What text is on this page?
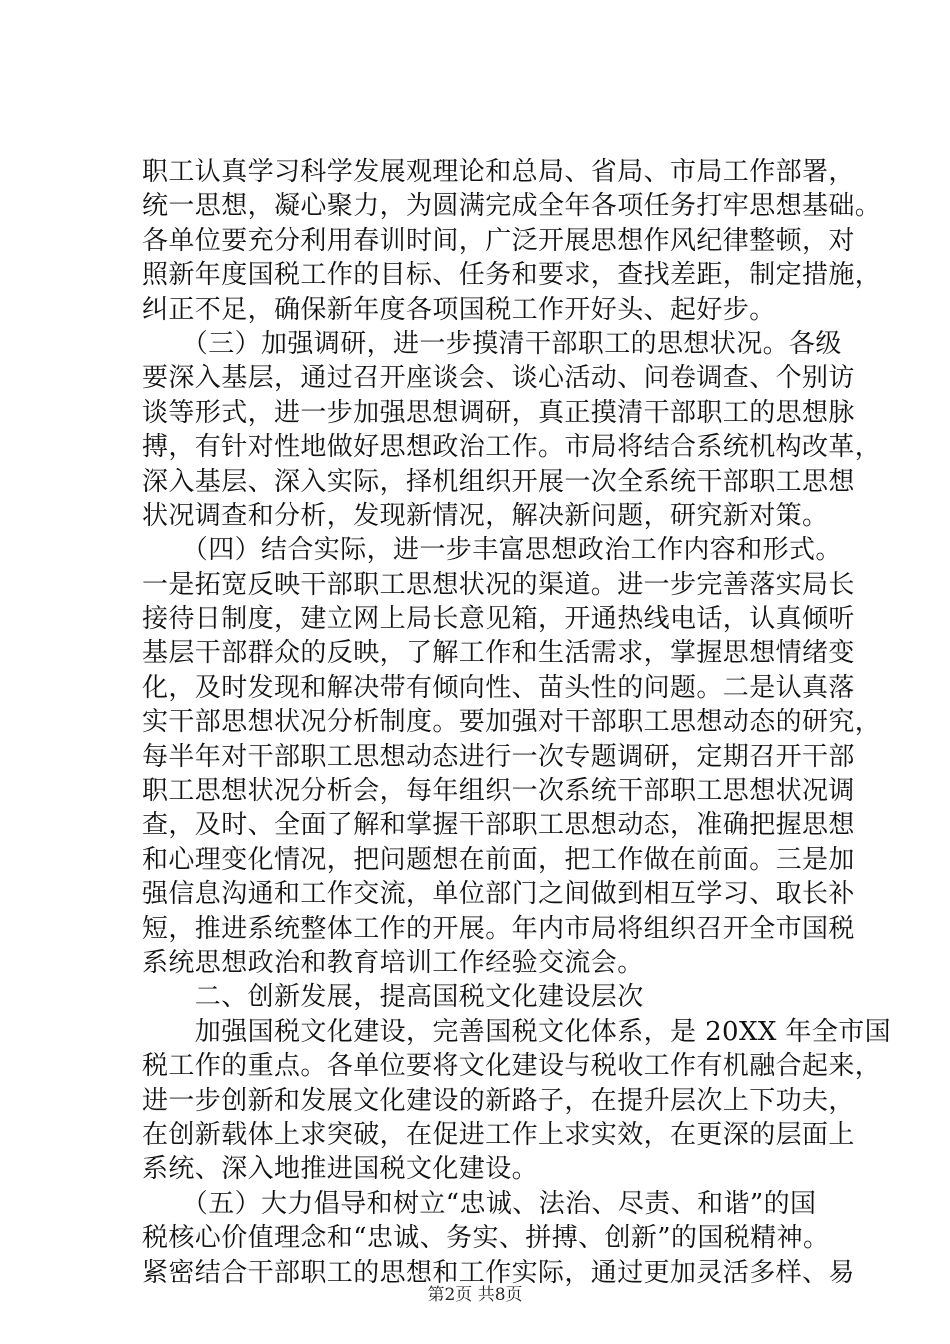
职工认真学习科学发展观理论和总局、省局、市局工作部署，
统一思想，凝心聚力，为圆满完成全年各项任务打牢思想基础。
各单位要充分利用春训时间，广泛开展思想作风纪律整顿，对
照新年度国税工作的目标、任务和要求，查找差距，制定措施，
纠正不足，确保新年度各项国税工作开好头、起好步。
　　（三）加强调研，进一步摸清干部职工的思想状况。各级
要深入基层，通过召开座谈会、谈心活动、问卷调查、个别访
谈等形式，进一步加强思想调研，真正摸清干部职工的思想脉
搏，有针对性地做好思想政治工作。市局将结合系统机构改革，
深入基层、深入实际，择机组织开展一次全系统干部职工思想
状况调查和分析，发现新情况，解决新问题，研究新对策。
　　（四）结合实际，进一步丰富思想政治工作内容和形式。
一是拓宽反映干部职工思想状况的渠道。进一步完善落实局长
接待日制度，建立网上局长意见箱，开通热线电话，认真倾听
基层干部群众的反映，了解工作和生活需求，掌握思想情绪变
化，及时发现和解决带有倾向性、苗头性的问题。二是认真落
实干部思想状况分析制度。要加强对干部职工思想动态的研究，
每半年对干部职工思想动态进行一次专题调研，定期召开干部
职工思想状况分析会，每年组织一次系统干部职工思想状况调
查，及时、全面了解和掌握干部职工思想动态，准确把握思想
和心理变化情况，把问题想在前面，把工作做在前面。三是加
强信息沟通和工作交流，单位部门之间做到相互学习、取长补
短，推进系统整体工作的开展。年内市局将组织召开全市国税
系统思想政治和教育培训工作经验交流会。
　　二、创新发展，提高国税文化建设层次
　　加强国税文化建设，完善国税文化体系，是 20XX 年全市国
税工作的重点。各单位要将文化建设与税收工作有机融合起来，
进一步创新和发展文化建设的新路子，在提升层次上下功夫，
在创新载体上求突破，在促进工作上求实效，在更深的层面上
系统、深入地推进国税文化建设。
　　（五）大力倡导和树立“忠诚、法治、尽责、和谐”的国
税核心价值理念和“忠诚、务实、拼搏、创新”的国税精神。
紧密结合干部职工的思想和工作实际，通过更加灵活多样、易
第2页 共8页
